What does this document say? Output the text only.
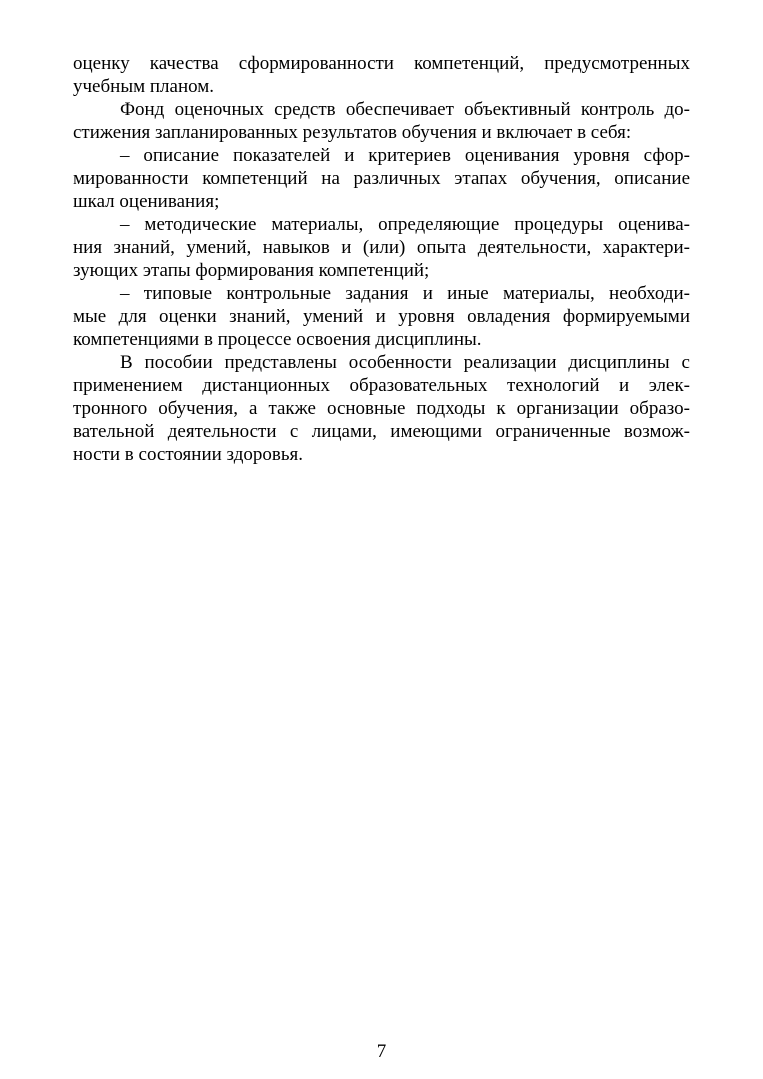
оценку качества сформированности компетенций, предусмотренных
учебным планом.

Фонд оценочных средств обеспечивает объективный контроль до-
стижения запланированных результатов обучения и включает в себя:

– описание показателей и критериев оценивания уровня сфор-
мированности компетенций на различных этапах обучения, описание
шкал оценивания;

– методические материалы, определяющие процедуры оценива-
ния знаний, умений, навыков и (или) опыта деятельности, характери-
зующих этапы формирования компетенций;

– типовые контрольные задания и иные материалы, необходи-
мые для оценки знаний, умений и уровня овладения формируемыми
компетенциями в процессе освоения дисциплины.

В пособии представлены особенности реализации дисциплины с
применением дистанционных образовательных технологий и элек-
тронного обучения, а также основные подходы к организации образо-
вательной деятельности с лицами, имеющими ограниченные возмож-
ности в состоянии здоровья.

7
